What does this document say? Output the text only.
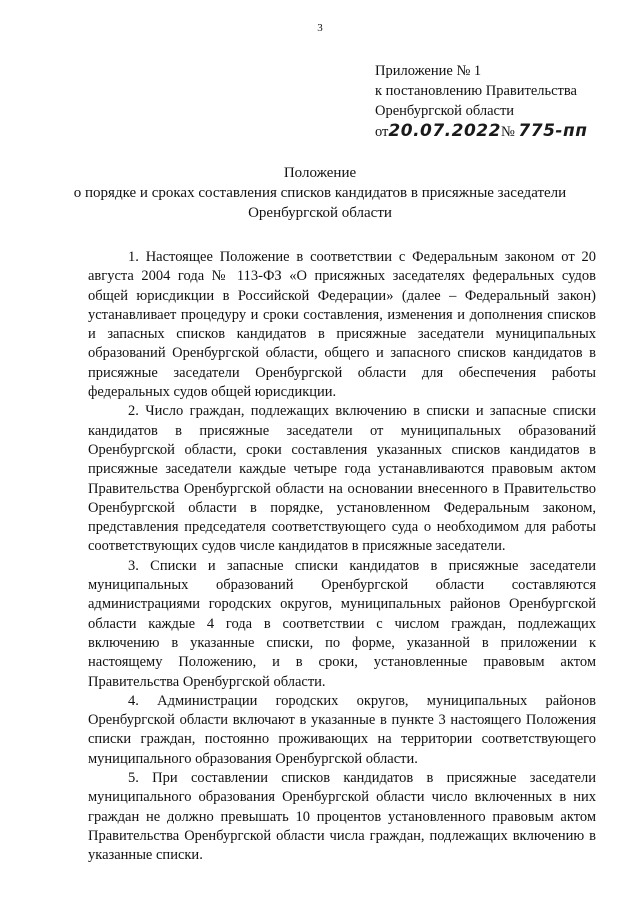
3
Приложение № 1
к постановлению Правительства
Оренбургской области
от20.07.2022№ 775-пп
Положение
о порядке и сроках составления списков кандидатов в присяжные заседатели
Оренбургской области

1. Настоящее Положение в соответствии с Федеральным законом от 20 августа 2004 года № 113-ФЗ «О присяжных заседателях федеральных судов общей юрисдикции в Российской Федерации» (далее – Федеральный закон) устанавливает процедуру и сроки составления, изменения и дополнения списков и запасных списков кандидатов в присяжные заседатели муниципальных образований Оренбургской области, общего и запасного списков кандидатов в присяжные заседатели Оренбургской области для обеспечения работы федеральных судов общей юрисдикции.

2. Число граждан, подлежащих включению в списки и запасные списки кандидатов в присяжные заседатели от муниципальных образований Оренбургской области, сроки составления указанных списков кандидатов в присяжные заседатели каждые четыре года устанавливаются правовым актом Правительства Оренбургской области на основании внесенного в Правительство Оренбургской области в порядке, установленном Федеральным законом, представления председателя соответствующего суда о необходимом для работы соответствующих судов числе кандидатов в присяжные заседатели.

3. Списки и запасные списки кандидатов в присяжные заседатели муниципальных образований Оренбургской области составляются администрациями городских округов, муниципальных районов Оренбургской области каждые 4 года в соответствии с числом граждан, подлежащих включению в указанные списки, по форме, указанной в приложении к настоящему Положению, и в сроки, установленные правовым актом Правительства Оренбургской области.

4. Администрации городских округов, муниципальных районов Оренбургской области включают в указанные в пункте 3 настоящего Положения списки граждан, постоянно проживающих на территории соответствующего муниципального образования Оренбургской области.

5. При составлении списков кандидатов в присяжные заседатели муниципального образования Оренбургской области число включенных в них граждан не должно превышать 10 процентов установленного правовым актом Правительства Оренбургской области числа граждан, подлежащих включению в указанные списки.
